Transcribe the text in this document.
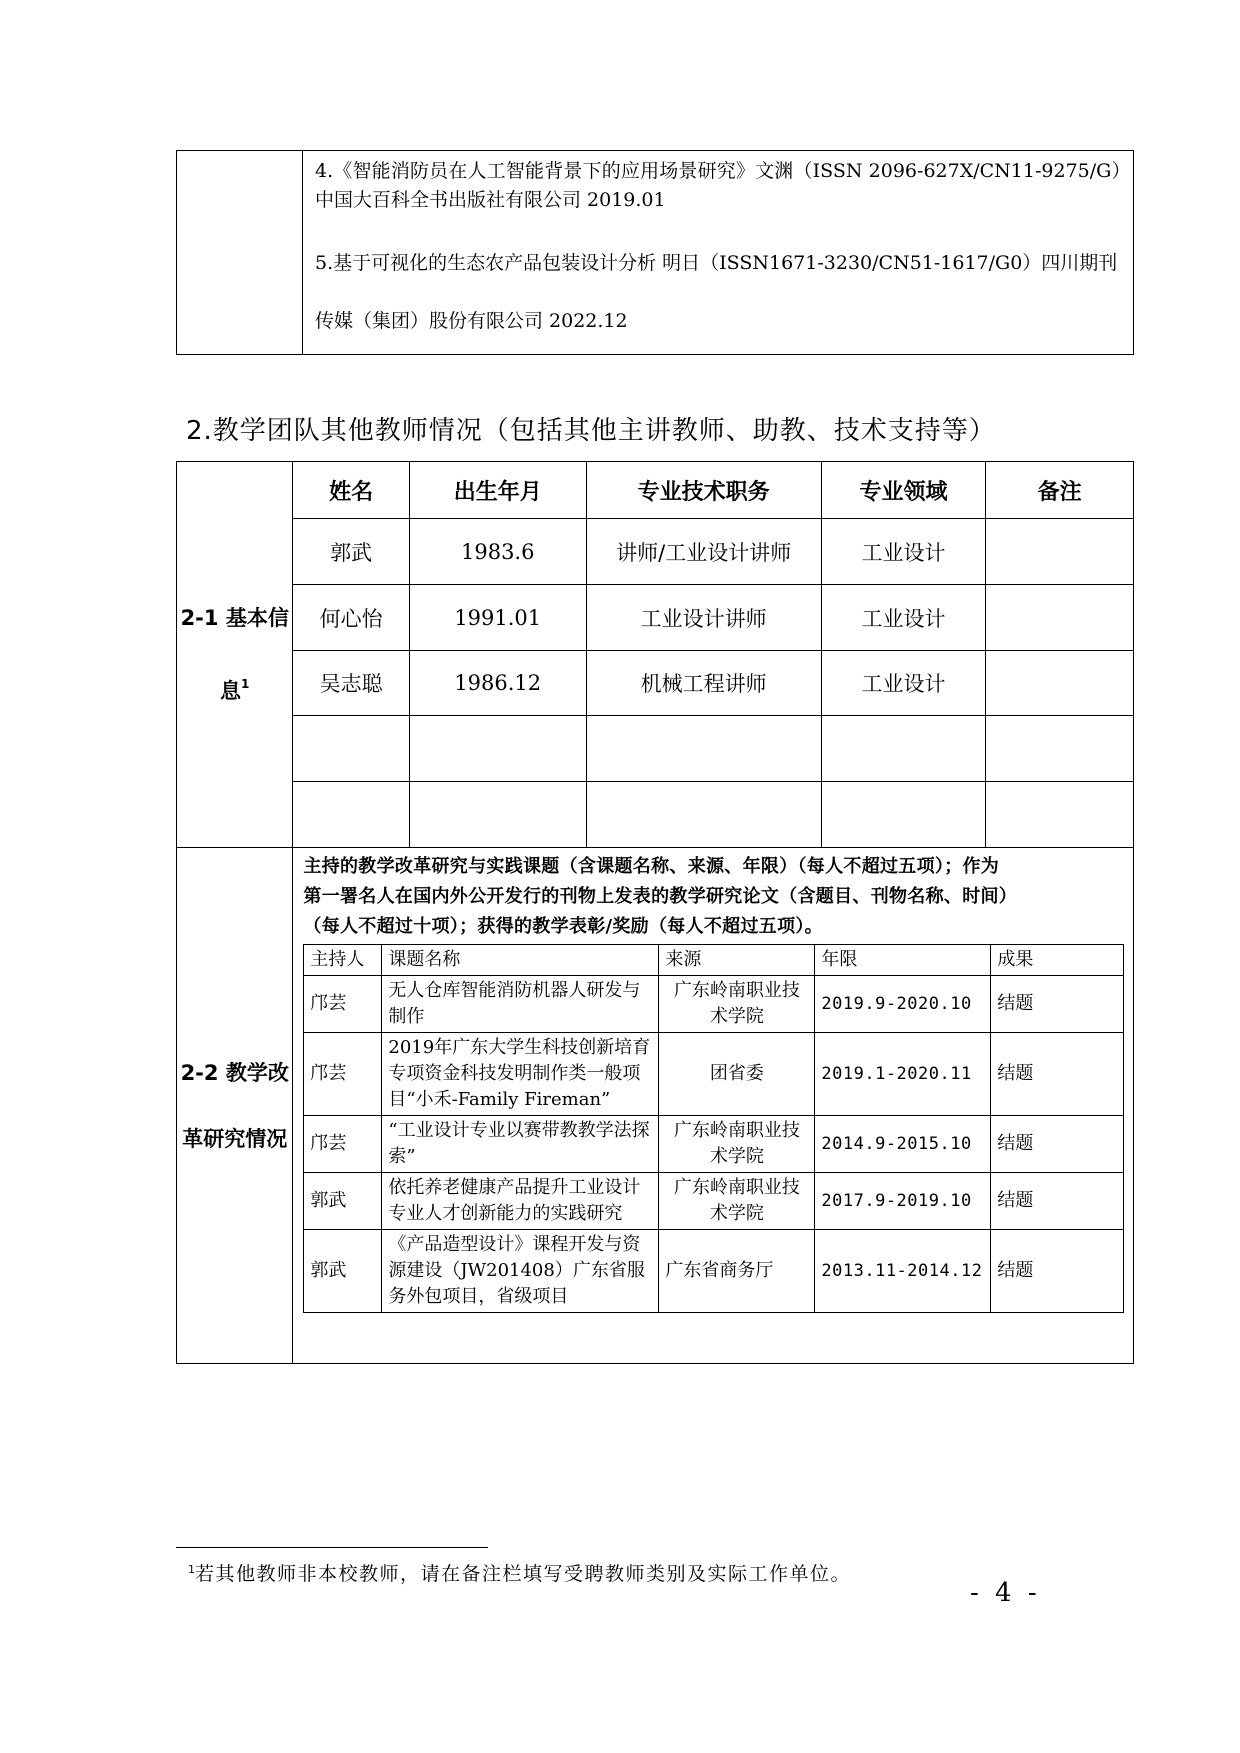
4.《智能消防员在人工智能背景下的应用场景研究》文渊（ISSN 2096-627X/CN11-9275/G）中国大百科全书出版社有限公司 2019.01

5.基于可视化的生态农产品包装设计分析 明日（ISSN1671-3230/CN51-1617/G0）四川期刊传媒（集团）股份有限公司 2022.12

2.教学团队其他教师情况（包括其他主讲教师、助教、技术支持等）
2-1 基本信息$^1$	姓名	出生年月	专业技术职务	专业领域	备注
郭武	1983.6	讲师/工业设计讲师	工业设计	
何心怡	1991.01	工业设计讲师	工业设计	
吴志聪	1986.12	机械工程讲师	工业设计	

2-2 教学改革研究情况	
主持的教学改革研究与实践课题（含课题名称、来源、年限）（每人不超过五项）；作为
第一署名人在国内外公开发行的刊物上发表的教学研究论文（含题目、刊物名称、时间）
（每人不超过十项）；获得的教学表彰/奖励（每人不超过五项）。
主持人	课题名称	来源	年限	成果
邝芸	无人仓库智能消防机器人研发与制作	广东岭南职业技术学院	2019.9-2020.10	结题
邝芸	2019年广东大学生科技创新培育专项资金科技发明制作类一般项目“小禾-Family Fireman”	团省委	2019.1-2020.11	结题
邝芸	“工业设计专业以赛带教教学法探索”	广东岭南职业技术学院	2014.9-2015.10	结题
郭武	依托养老健康产品提升工业设计专业人才创新能力的实践研究	广东岭南职业技术学院	2017.9-2019.10	结题
郭武	《产品造型设计》课程开发与资源建设（JW201408）广东省服务外包项目，省级项目	广东省商务厅	2013.11-2014.12	结题

$^1$若其他教师非本校教师，请在备注栏填写受聘教师类别及实际工作单位。

- 4 -
